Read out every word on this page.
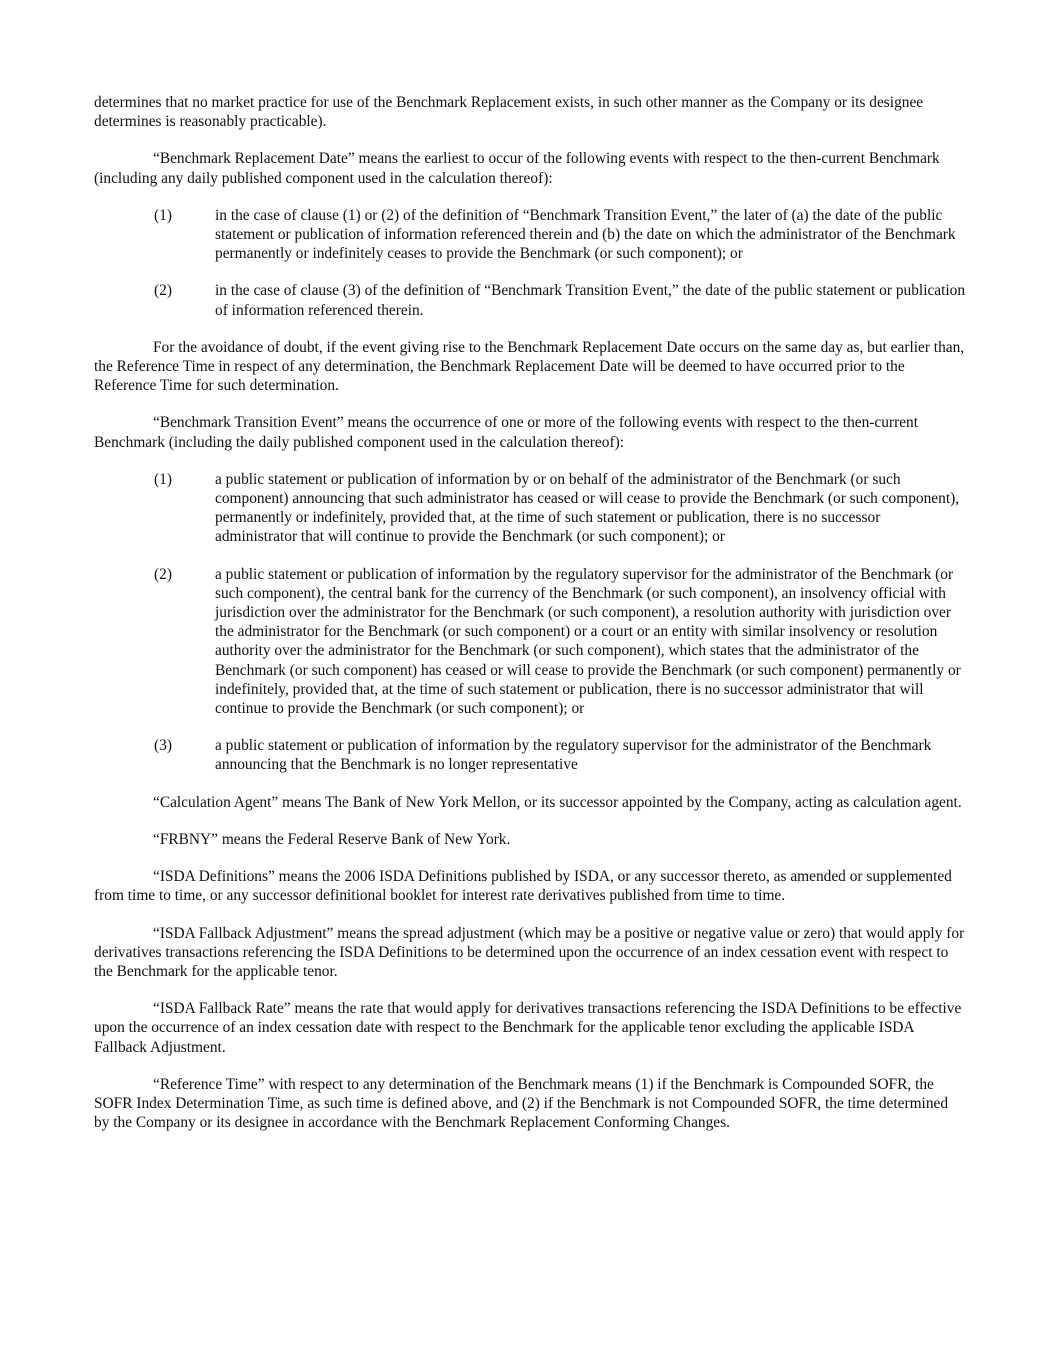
determines that no market practice for use of the Benchmark Replacement exists, in such other manner as the Company or its designee determines is reasonably practicable).

“Benchmark Replacement Date” means the earliest to occur of the following events with respect to the then-current Benchmark (including any daily published component used in the calculation thereof):

(1)	in the case of clause (1) or (2) of the definition of “Benchmark Transition Event,” the later of (a) the date of the public statement or publication of information referenced therein and (b) the date on which the administrator of the Benchmark permanently or indefinitely ceases to provide the Benchmark (or such component); or
(2)	in the case of clause (3) of the definition of “Benchmark Transition Event,” the date of the public statement or publication of information referenced therein.

For the avoidance of doubt, if the event giving rise to the Benchmark Replacement Date occurs on the same day as, but earlier than, the Reference Time in respect of any determination, the Benchmark Replacement Date will be deemed to have occurred prior to the Reference Time for such determination.

“Benchmark Transition Event” means the occurrence of one or more of the following events with respect to the then-current Benchmark (including the daily published component used in the calculation thereof):

(1)	a public statement or publication of information by or on behalf of the administrator of the Benchmark (or such component) announcing that such administrator has ceased or will cease to provide the Benchmark (or such component), permanently or indefinitely, provided that, at the time of such statement or publication, there is no successor administrator that will continue to provide the Benchmark (or such component); or
(2)	a public statement or publication of information by the regulatory supervisor for the administrator of the Benchmark (or such component), the central bank for the currency of the Benchmark (or such component), an insolvency official with jurisdiction over the administrator for the Benchmark (or such component), a resolution authority with jurisdiction over the administrator for the Benchmark (or such component) or a court or an entity with similar insolvency or resolution authority over the administrator for the Benchmark (or such component), which states that the administrator of the Benchmark (or such component) has ceased or will cease to provide the Benchmark (or such component) permanently or indefinitely, provided that, at the time of such statement or publication, there is no successor administrator that will continue to provide the Benchmark (or such component); or
(3)	a public statement or publication of information by the regulatory supervisor for the administrator of the Benchmark announcing that the Benchmark is no longer representative

“Calculation Agent” means The Bank of New York Mellon, or its successor appointed by the Company, acting as calculation agent.

“FRBNY” means the Federal Reserve Bank of New York.

“ISDA Definitions” means the 2006 ISDA Definitions published by ISDA, or any successor thereto, as amended or supplemented from time to time, or any successor definitional booklet for interest rate derivatives published from time to time.

“ISDA Fallback Adjustment” means the spread adjustment (which may be a positive or negative value or zero) that would apply for derivatives transactions referencing the ISDA Definitions to be determined upon the occurrence of an index cessation event with respect to the Benchmark for the applicable tenor.

“ISDA Fallback Rate” means the rate that would apply for derivatives transactions referencing the ISDA Definitions to be effective upon the occurrence of an index cessation date with respect to the Benchmark for the applicable tenor excluding the applicable ISDA Fallback Adjustment.

“Reference Time” with respect to any determination of the Benchmark means (1) if the Benchmark is Compounded SOFR, the SOFR Index Determination Time, as such time is defined above, and (2) if the Benchmark is not Compounded SOFR, the time determined by the Company or its designee in accordance with the Benchmark Replacement Conforming Changes.
